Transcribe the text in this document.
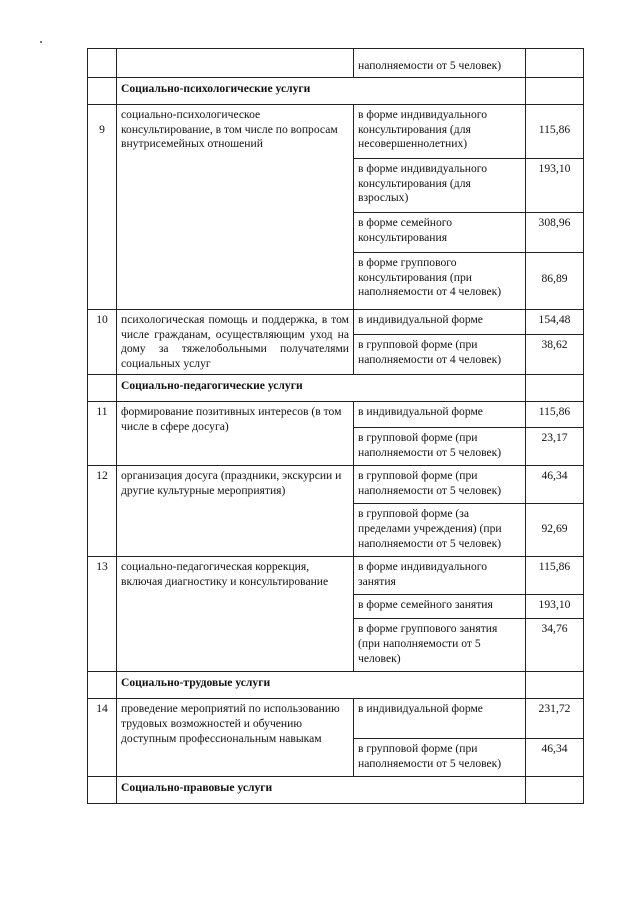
		наполняемости от 5 человек)	
	Социально-психологические услуги		
9	социально-психологическое консультирование, в том числе по вопросам внутрисемейных отношений	в форме индивидуального консультирования (для несовершеннолетних)	115,86
		в форме индивидуального консультирования (для взрослых)	193,10
		в форме семейного консультирования	308,96
		в форме группового консультирования (при наполняемости от 4 человек)	86,89
10	психологическая помощь и поддержка, в том числе гражданам, осуществляющим уход на дому за тяжелобольными получателями социальных услуг	в индивидуальной форме	154,48
		в групповой форме (при наполняемости от 4 человек)	38,62
	Социально-педагогические услуги		
11	формирование позитивных интересов (в том числе в сфере досуга)	в индивидуальной форме	115,86
		в групповой форме (при наполняемости от 5 человек)	23,17
12	организация досуга (праздники, экскурсии и другие культурные мероприятия)	в групповой форме (при наполняемости от 5 человек)	46,34
		в групповой форме (за пределами учреждения) (при наполняемости от 5 человек)	92,69
13	социально-педагогическая коррекция, включая диагностику и консультирование	в форме индивидуального занятия	115,86
		в форме семейного занятия	193,10
		в форме группового занятия (при наполняемости от 5 человек)	34,76
	Социально-трудовые услуги		
14	проведение мероприятий по использованию трудовых возможностей и обучению доступным профессиональным навыкам	в индивидуальной форме	231,72
		в групповой форме (при наполняемости от 5 человек)	46,34
	Социально-правовые услуги		
